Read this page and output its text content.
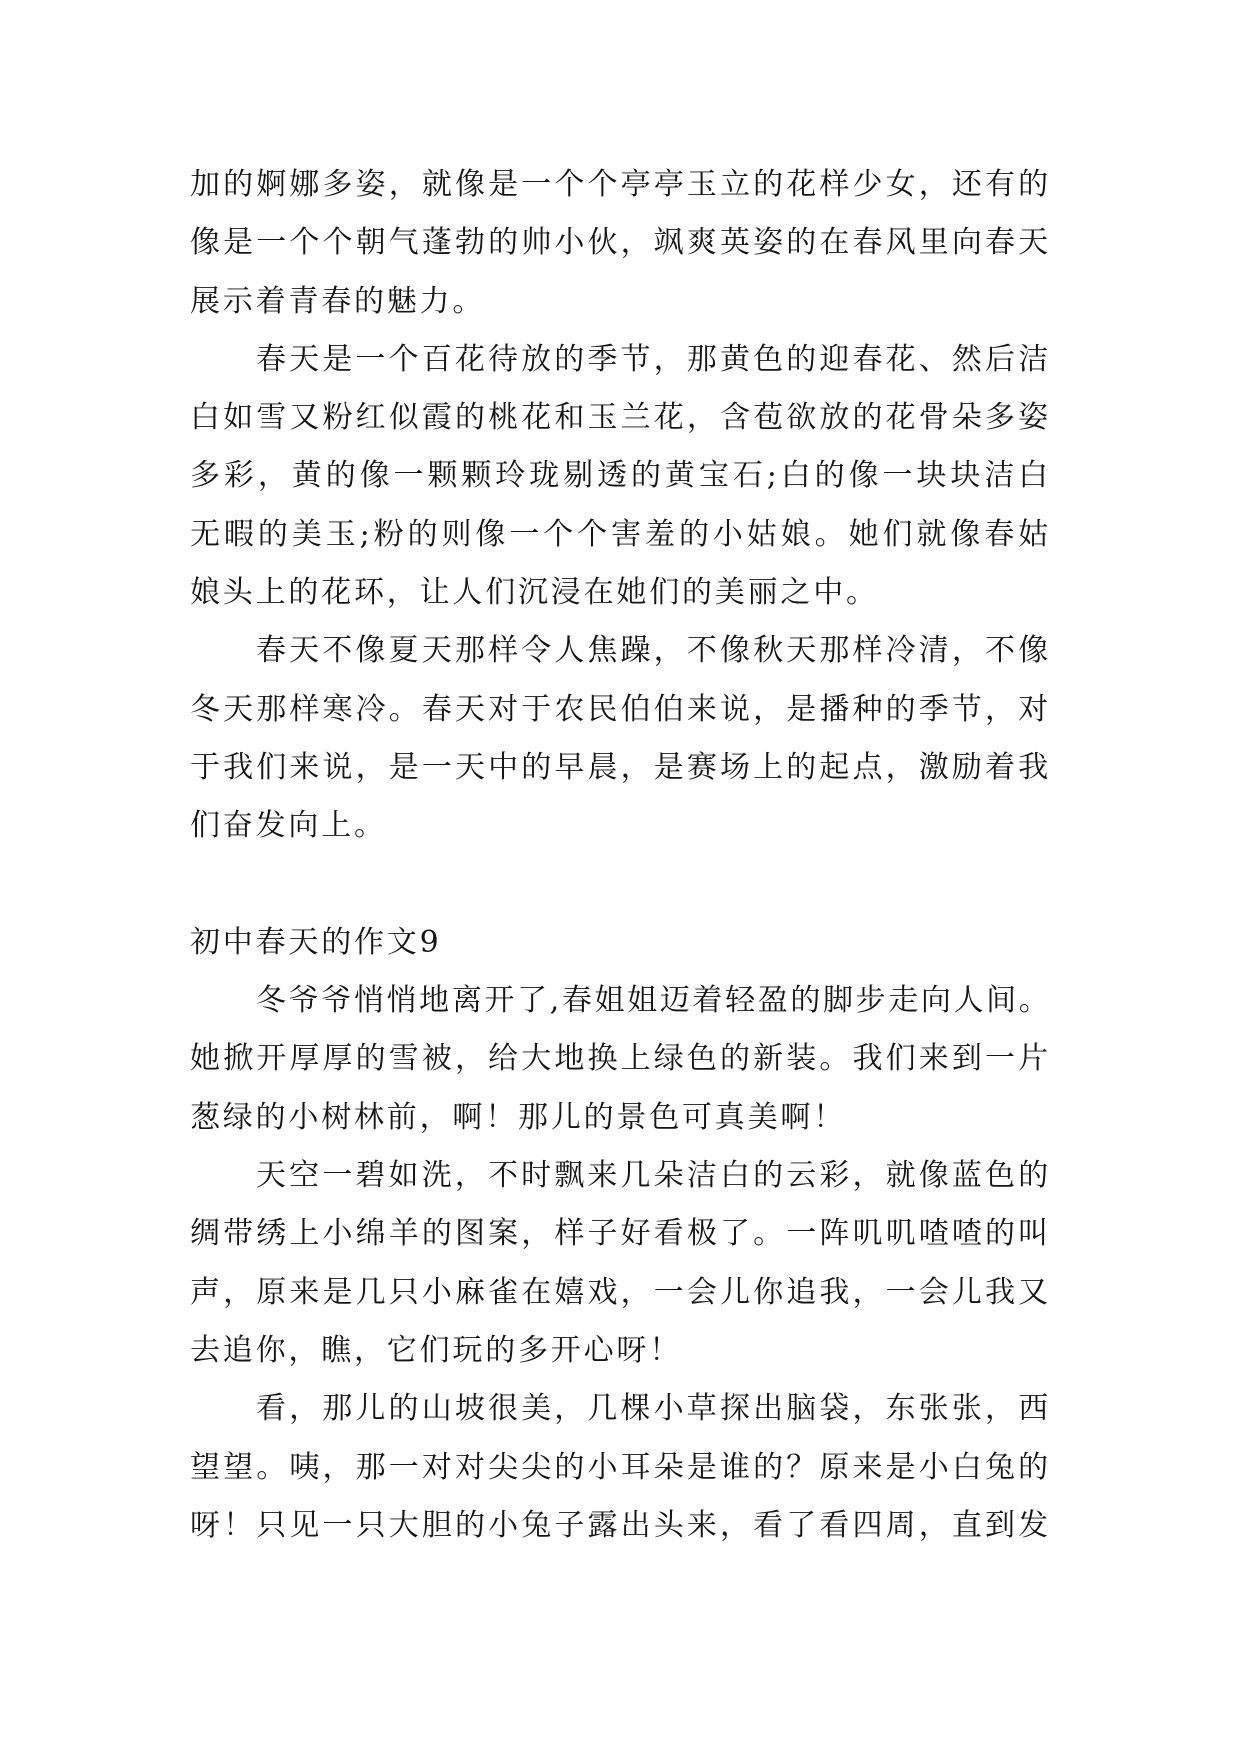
加的婀娜多姿，就像是一个个亭亭玉立的花样少女，还有的
像是一个个朝气蓬勃的帅小伙，飒爽英姿的在春风里向春天
展示着青春的魅力。
春天是一个百花待放的季节，那黄色的迎春花、然后洁
白如雪又粉红似霞的桃花和玉兰花，含苞欲放的花骨朵多姿
多彩，黄的像一颗颗玲珑剔透的黄宝石;白的像一块块洁白
无暇的美玉;粉的则像一个个害羞的小姑娘。她们就像春姑
娘头上的花环，让人们沉浸在她们的美丽之中。
春天不像夏天那样令人焦躁，不像秋天那样冷清，不像
冬天那样寒冷。春天对于农民伯伯来说，是播种的季节，对
于我们来说，是一天中的早晨，是赛场上的起点，激励着我
们奋发向上。
初中春天的作文9
冬爷爷悄悄地离开了,春姐姐迈着轻盈的脚步走向人间。
她掀开厚厚的雪被，给大地换上绿色的新装。我们来到一片
葱绿的小树林前，啊！那儿的景色可真美啊！
天空一碧如洗，不时飘来几朵洁白的云彩，就像蓝色的
绸带绣上小绵羊的图案，样子好看极了。一阵叽叽喳喳的叫
声，原来是几只小麻雀在嬉戏，一会儿你追我，一会儿我又
去追你，瞧，它们玩的多开心呀！
看，那儿的山坡很美，几棵小草探出脑袋，东张张，西
望望。咦，那一对对尖尖的小耳朵是谁的？原来是小白兔的
呀！只见一只大胆的小兔子露出头来，看了看四周，直到发
